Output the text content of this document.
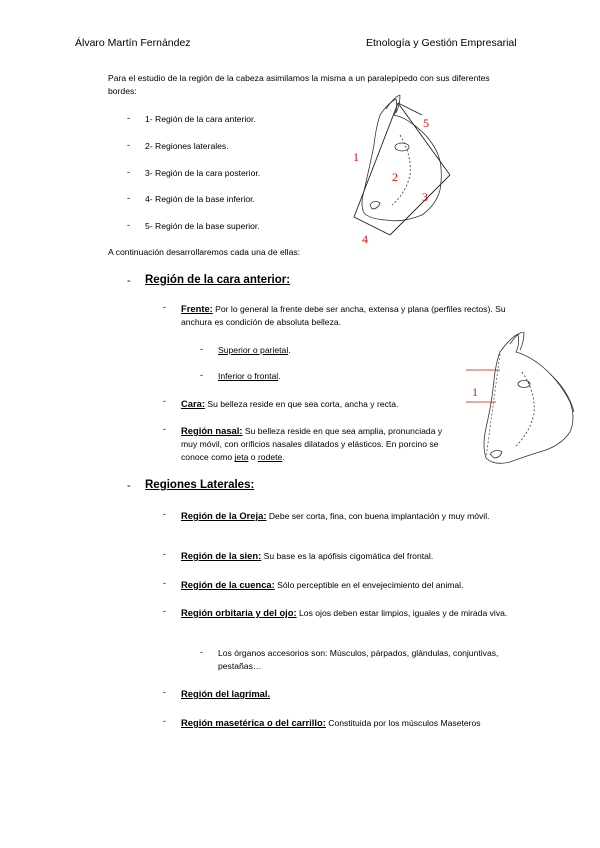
Álvaro Martín Fernández	Etnología y Gestión Empresarial
Para el estudio de la región de la cabeza asimilamos la misma a un paralepípedo con sus diferentes bordes:
- 1- Región de la cara anterior.
- 2- Regiones laterales.
- 3- Región de la cara posterior.
- 4- Región de la base inferior.
- 5- Región de la base superior.
1
2
3
4
5
A continuación desarrollaremos cada una de ellas:
- Región de la cara anterior:
- Frente: Por lo general la frente debe ser ancha, extensa y plana (perfiles rectos). Su anchura es condición de absoluta belleza.
- Superior o parietal.
- Inferior o frontal.
- Cara: Su belleza reside en que sea corta, ancha y recta.
- Región nasal: Su belleza reside en que sea amplia, pronunciada y muy móvil, con orificios nasales dilatados y elásticos. En porcino se conoce como jeta o rodete.
1
- Regiones Laterales:
- Región de la Oreja: Debe ser corta, fina, con buena implantación y muy móvil.
- Región de la sien: Su base es la apófisis cigomática del frontal.
- Región de la cuenca: Sólo perceptible en el envejecimiento del animal.
- Región orbitaria y del ojo: Los ojos deben estar limpios, iguales y de mirada viva.
- Los órganos accesorios son: Músculos, párpados, glándulas, conjuntivas, pestañas…
- Región del lagrimal.
- Región masetérica o del carrillo: Constituida por los músculos Maseteros
